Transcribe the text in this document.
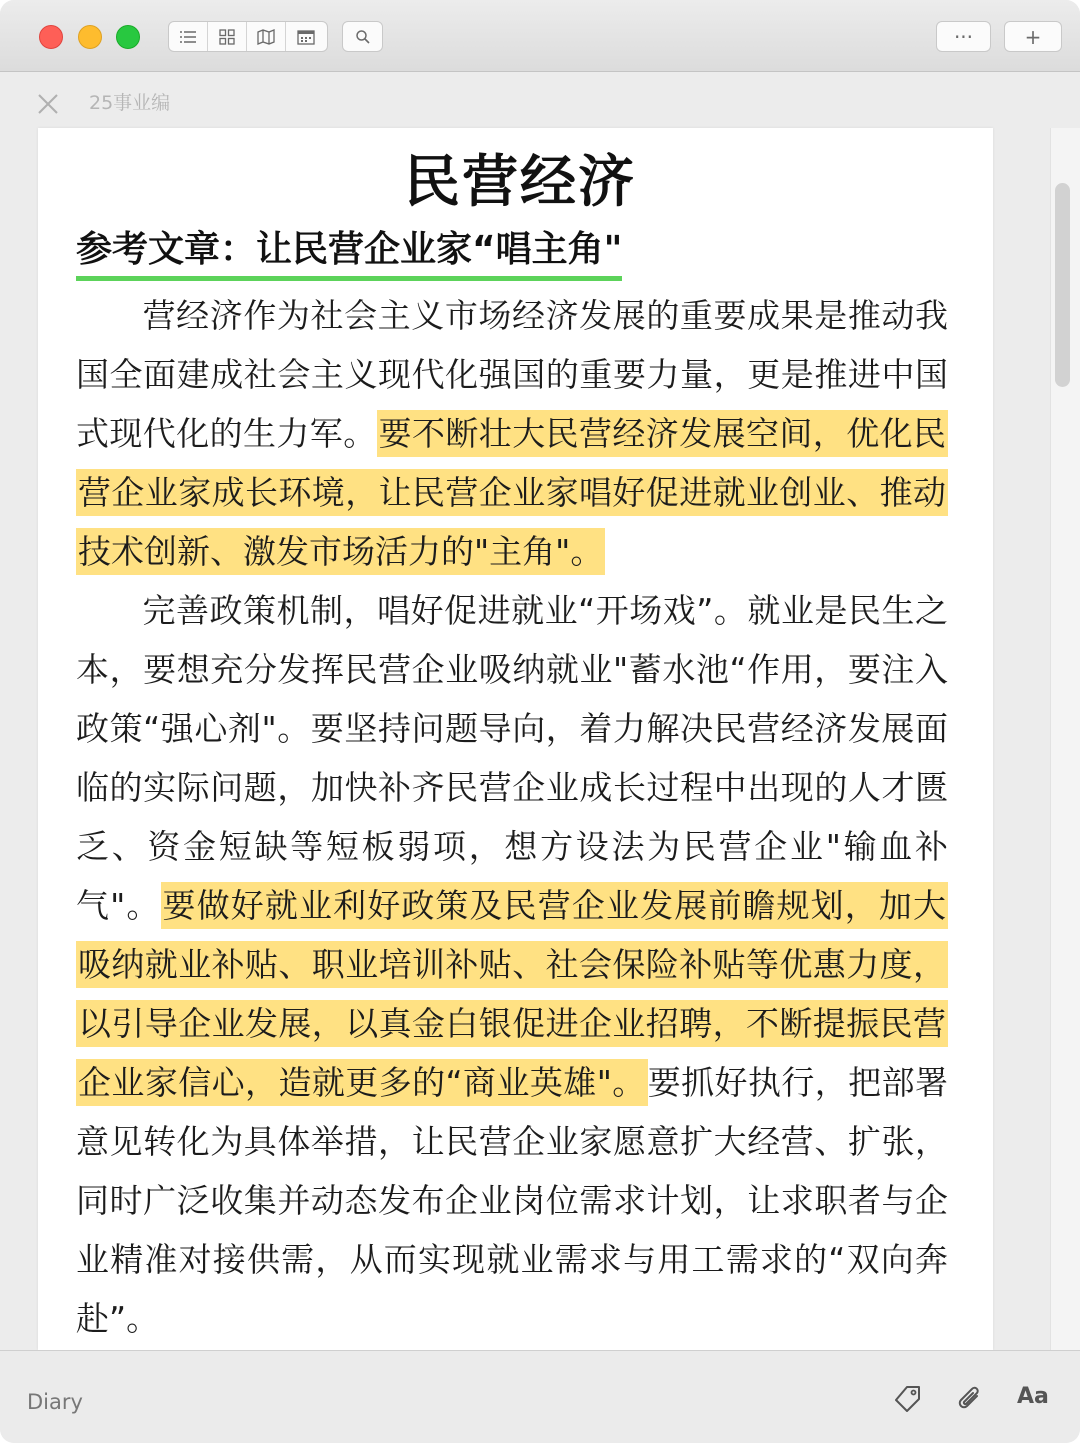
···	+
25事业编
民营经济
参考文章：让民营企业家“唱主角"
营经济作为社会主义市场经济发展的重要成果是推动我国全面建成社会主义现代化强国的重要力量，更是推进中国式现代化的生力军。要不断壮大民营经济发展空间，优化民营企业家成长环境，让民营企业家唱好促进就业创业、推动技术创新、激发市场活力的"主角"。
完善政策机制，唱好促进就业“开场戏”。就业是民生之本，要想充分发挥民营企业吸纳就业"蓄水池“作用，要注入政策“强心剂"。要坚持问题导向，着力解决民营经济发展面临的实际问题，加快补齐民营企业成长过程中出现的人才匮乏、资金短缺等短板弱项，想方设法为民营企业"输血补气"。要做好就业利好政策及民营企业发展前瞻规划，加大吸纳就业补贴、职业培训补贴、社会保险补贴等优惠力度，以引导企业发展，以真金白银促进企业招聘，不断提振民营企业家信心，造就更多的“商业英雄"。要抓好执行，把部署意见转化为具体举措，让民营企业家愿意扩大经营、扩张，同时广泛收集并动态发布企业岗位需求计划，让求职者与企业精准对接供需，从而实现就业需求与用工需求的“双向奔赴”。
Diary	Aa
